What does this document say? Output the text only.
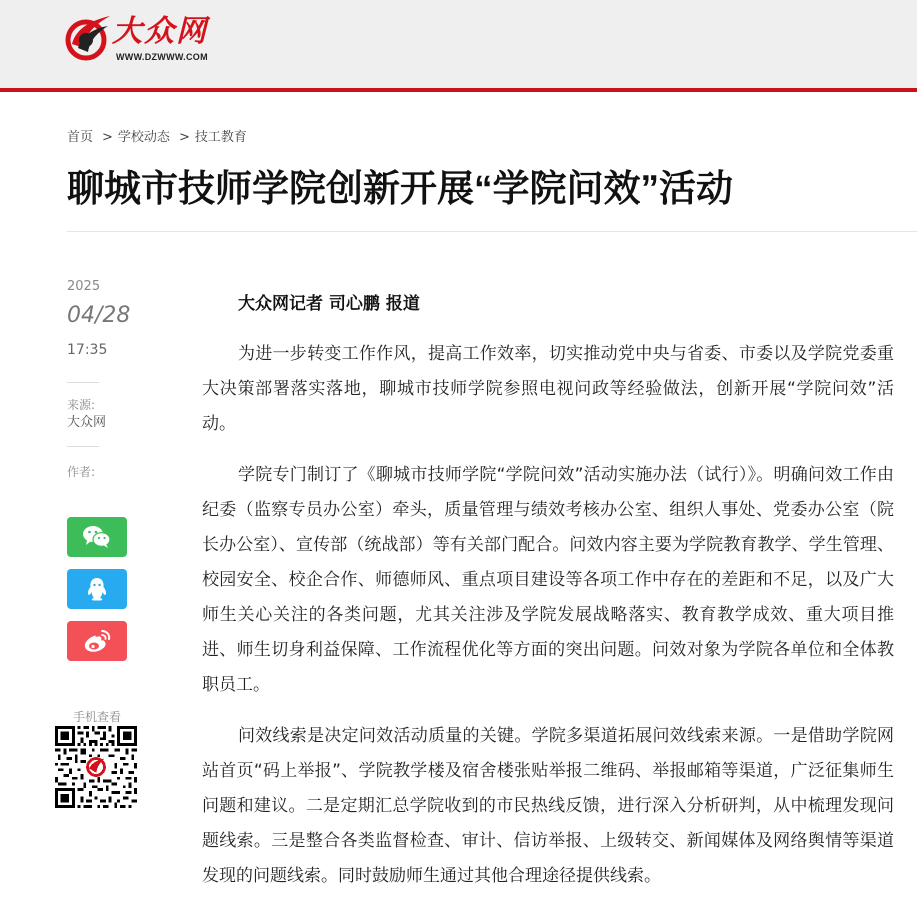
大众网
WWW.DZWWW.COM
首页 > 学校动态 > 技工教育
聊城市技师学院创新开展“学院问效”活动
2025
04/28
17:35
来源:
大众网
作者:
手机查看

大众网记者 司心鹏 报道

为进一步转变工作作风，提高工作效率，切实推动党中央与省委、市委以及学院党委重大决策部署落实落地，聊城市技师学院参照电视问政等经验做法，创新开展“学院问效”活动。

学院专门制订了《聊城市技师学院“学院问效”活动实施办法（试行）》。明确问效工作由纪委（监察专员办公室）牵头，质量管理与绩效考核办公室、组织人事处、党委办公室（院长办公室）、宣传部（统战部）等有关部门配合。问效内容主要为学院教育教学、学生管理、校园安全、校企合作、师德师风、重点项目建设等各项工作中存在的差距和不足，以及广大师生关心关注的各类问题，尤其关注涉及学院发展战略落实、教育教学成效、重大项目推进、师生切身利益保障、工作流程优化等方面的突出问题。问效对象为学院各单位和全体教职员工。

问效线索是决定问效活动质量的关键。学院多渠道拓展问效线索来源。一是借助学院网站首页“码上举报”、学院教学楼及宿舍楼张贴举报二维码、举报邮箱等渠道，广泛征集师生问题和建议。二是定期汇总学院收到的市民热线反馈，进行深入分析研判，从中梳理发现问题线索。三是整合各类监督检查、审计、信访举报、上级转交、新闻媒体及网络舆情等渠道发现的问题线索。同时鼓励师生通过其他合理途径提供线索。
